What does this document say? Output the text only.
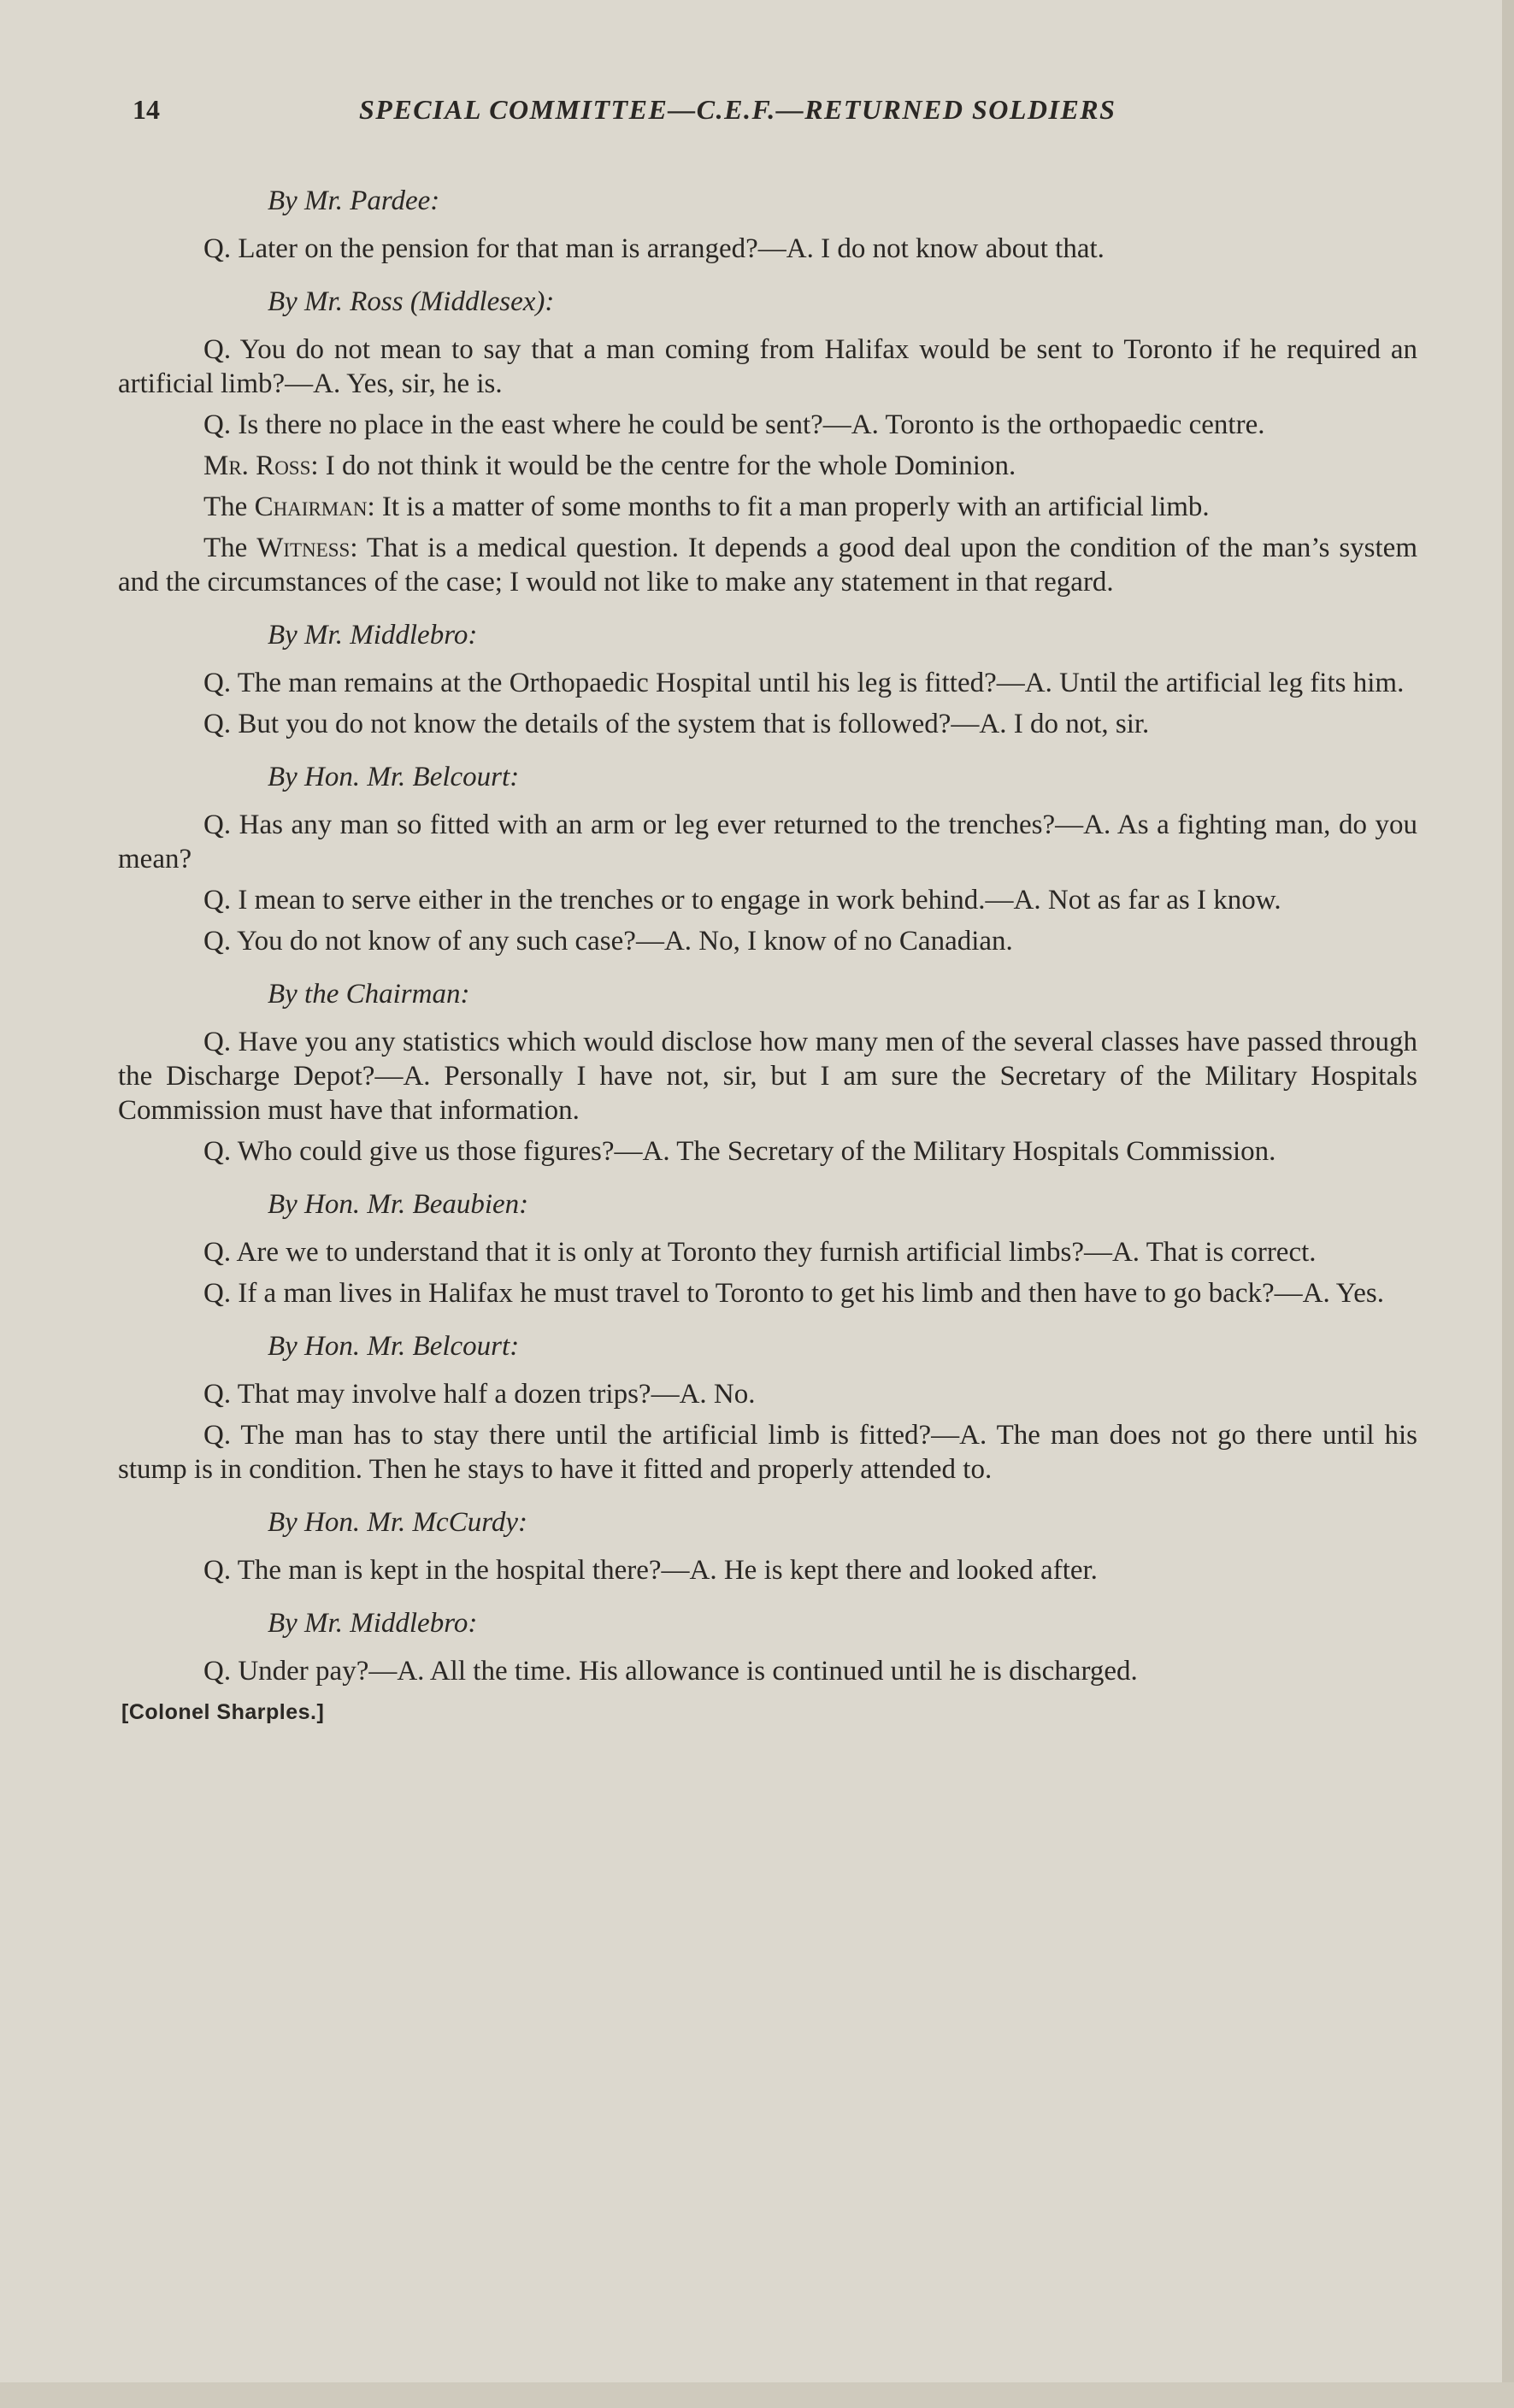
14	SPECIAL COMMITTEE—C.E.F.—RETURNED SOLDIERS
By Mr. Pardee:
Q. Later on the pension for that man is arranged?—A. I do not know about that.
By Mr. Ross (Middlesex):
Q. You do not mean to say that a man coming from Halifax would be sent to Toronto if he required an artificial limb?—A. Yes, sir, he is.
Q. Is there no place in the east where he could be sent?—A. Toronto is the orthopaedic centre.
Mr. Ross: I do not think it would be the centre for the whole Dominion.
The Chairman: It is a matter of some months to fit a man properly with an artificial limb.
The Witness: That is a medical question. It depends a good deal upon the condition of the man’s system and the circumstances of the case; I would not like to make any statement in that regard.
By Mr. Middlebro:
Q. The man remains at the Orthopaedic Hospital until his leg is fitted?—A. Until the artificial leg fits him.
Q. But you do not know the details of the system that is followed?—A. I do not, sir.
By Hon. Mr. Belcourt:
Q. Has any man so fitted with an arm or leg ever returned to the trenches?—A. As a fighting man, do you mean?
Q. I mean to serve either in the trenches or to engage in work behind.—A. Not as far as I know.
Q. You do not know of any such case?—A. No, I know of no Canadian.
By the Chairman:
Q. Have you any statistics which would disclose how many men of the several classes have passed through the Discharge Depot?—A. Personally I have not, sir, but I am sure the Secretary of the Military Hospitals Commission must have that information.
Q. Who could give us those figures?—A. The Secretary of the Military Hospitals Commission.
By Hon. Mr. Beaubien:
Q. Are we to understand that it is only at Toronto they furnish artificial limbs?—A. That is correct.
Q. If a man lives in Halifax he must travel to Toronto to get his limb and then have to go back?—A. Yes.
By Hon. Mr. Belcourt:
Q. That may involve half a dozen trips?—A. No.
Q. The man has to stay there until the artificial limb is fitted?—A. The man does not go there until his stump is in condition. Then he stays to have it fitted and properly attended to.
By Hon. Mr. McCurdy:
Q. The man is kept in the hospital there?—A. He is kept there and looked after.
By Mr. Middlebro:
Q. Under pay?—A. All the time. His allowance is continued until he is discharged.
[Colonel Sharples.]
